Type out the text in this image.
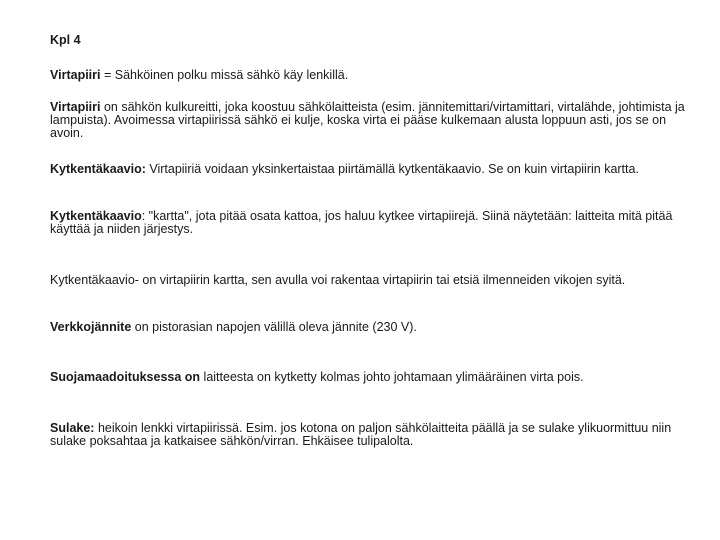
Kpl 4

Virtapiiri = Sähköinen polku missä sähkö käy lenkillä.

Virtapiiri on sähkön kulkureitti, joka koostuu sähkölaitteista (esim. jännitemittari/virtamittari, virtalähde, johtimista ja lampuista). Avoimessa virtapiirissä sähkö ei kulje, koska virta ei pääse kulkemaan alusta loppuun asti, jos se on avoin.

Kytkentäkaavio: Virtapiiriä voidaan yksinkertaistaa piirtämällä kytkentäkaavio. Se on kuin virtapiirin kartta.

Kytkentäkaavio: "kartta", jota pitää osata kattoa, jos haluu kytkee virtapiirejä. Siinä näytetään: laitteita mitä pitää käyttää ja niiden järjestys.

Kytkentäkaavio- on virtapiirin kartta, sen avulla voi rakentaa virtapiirin tai etsiä ilmenneiden vikojen syitä.

Verkkojännite on pistorasian napojen välillä oleva jännite (230 V).

Suojamaadoituksessa on laitteesta on kytketty kolmas johto johtamaan ylimääräinen virta pois.

Sulake: heikoin lenkki virtapiirissä. Esim. jos kotona on paljon sähkölaitteita päällä ja se sulake ylikuormittuu niin sulake poksahtaa ja katkaisee sähkön/virran. Ehkäisee tulipalolta.
